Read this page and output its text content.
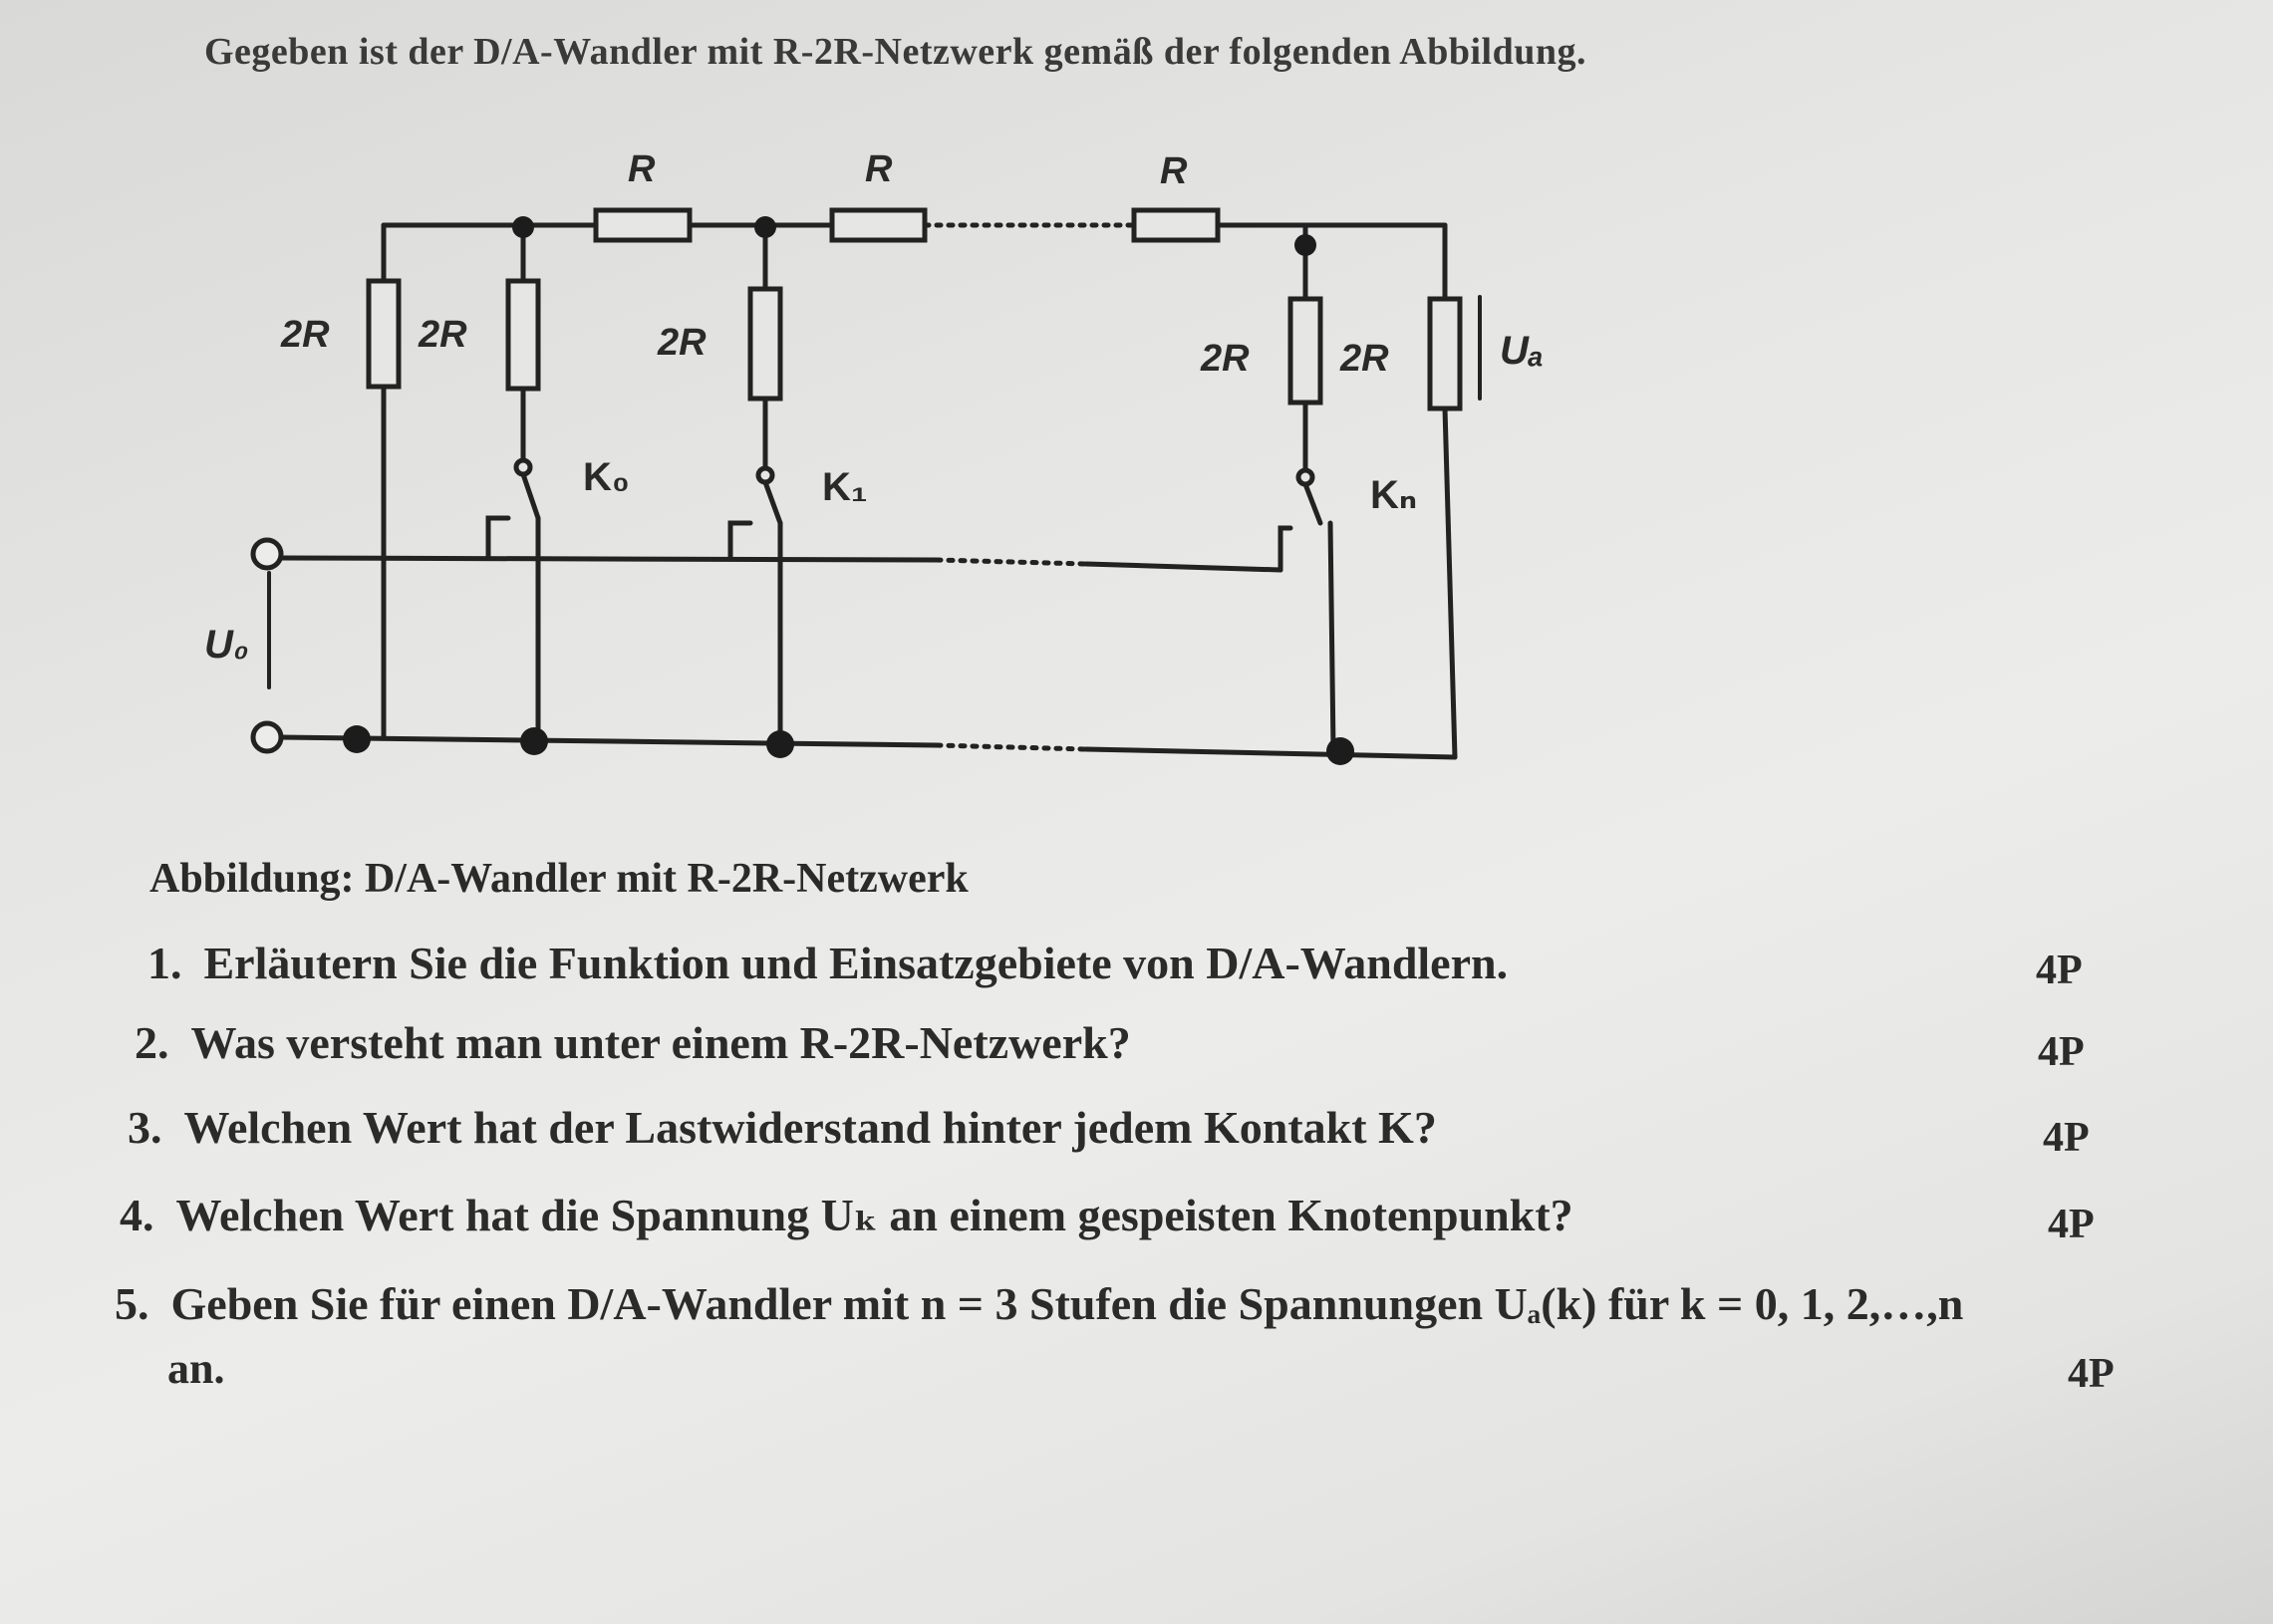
Gegeben ist der D/A-Wandler mit R-2R-Netzwerk gemäß der folgenden Abbildung.
R	R	R
2R 2R	2R	2R 2R
K₀	K₁	Kₙ
U₀
Uₐ
Abbildung: D/A-Wandler mit R-2R-Netzwerk
1. Erläutern Sie die Funktion und Einsatzgebiete von D/A-Wandlern.	4P
2. Was versteht man unter einem R-2R-Netzwerk?	4P
3. Welchen Wert hat der Lastwiderstand hinter jedem Kontakt K?	4P
4. Welchen Wert hat die Spannung Uₖ an einem gespeisten Knotenpunkt?	4P
5. Geben Sie für einen D/A-Wandler mit n = 3 Stufen die Spannungen Uₐ(k) für k = 0, 1, 2,…,n
an.	4P
